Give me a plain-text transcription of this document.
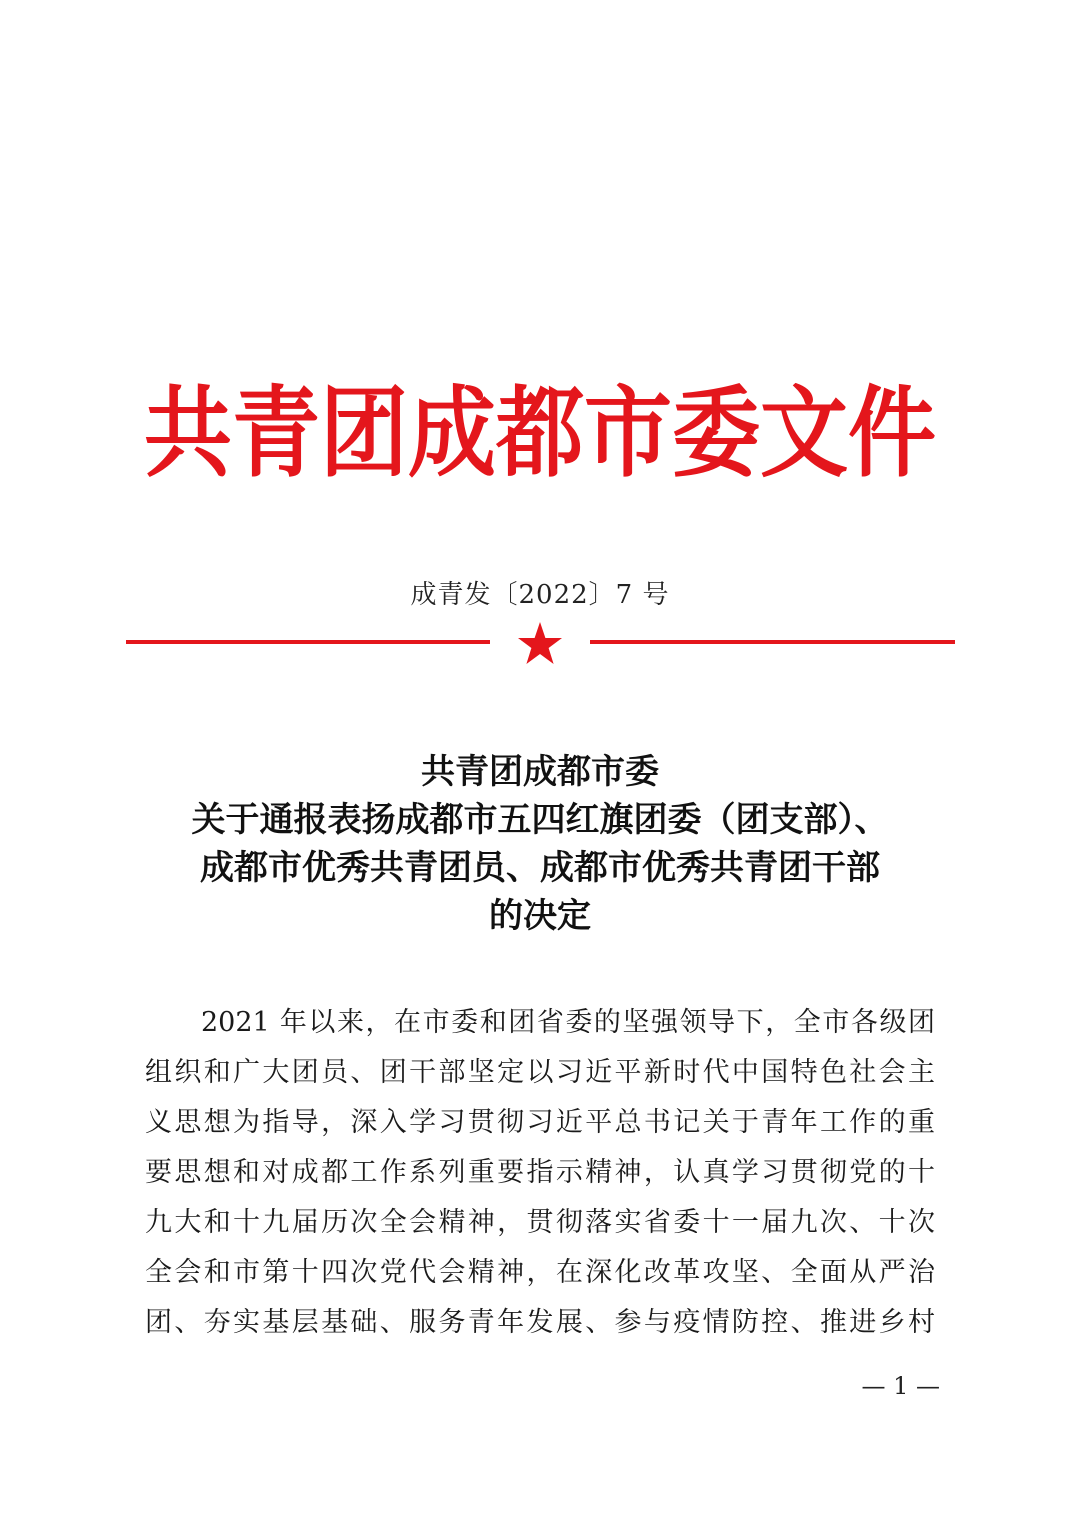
共青团成都市委文件
成青发〔2022〕7 号
共青团成都市委
关于通报表扬成都市五四红旗团委（团支部）、
成都市优秀共青团员、成都市优秀共青团干部
的决定
2021 年以来，在市委和团省委的坚强领导下，全市各级团
组织和广大团员、团干部坚定以习近平新时代中国特色社会主
义思想为指导，深入学习贯彻习近平总书记关于青年工作的重
要思想和对成都工作系列重要指示精神，认真学习贯彻党的十
九大和十九届历次全会精神，贯彻落实省委十一届九次、十次
全会和市第十四次党代会精神，在深化改革攻坚、全面从严治
团、夯实基层基础、服务青年发展、参与疫情防控、推进乡村
— 1 —
